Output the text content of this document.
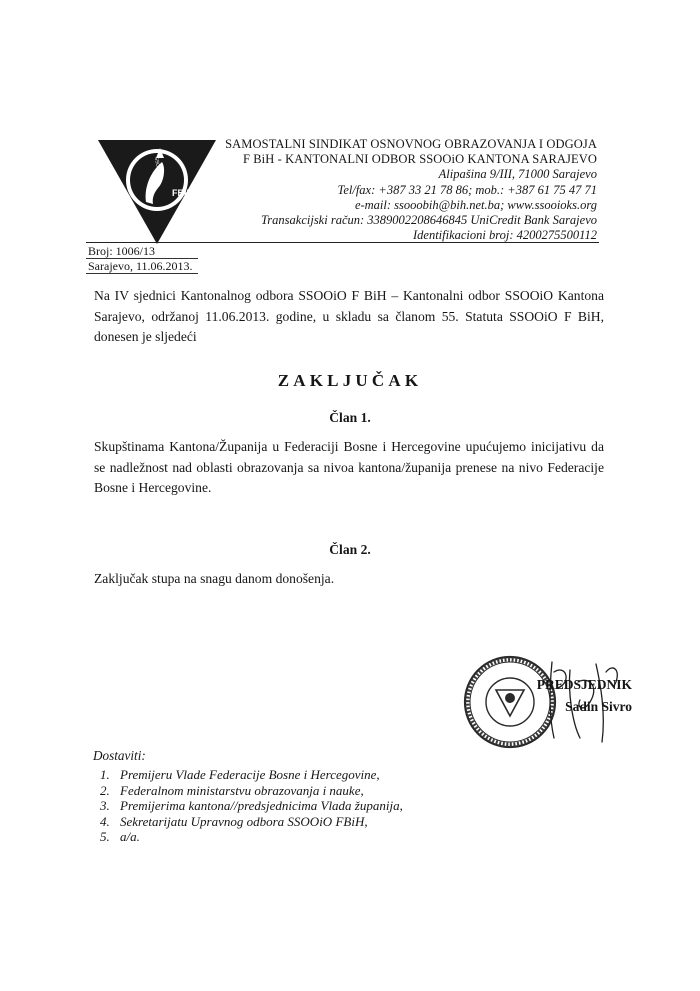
FBIH
SSOOiO
SAMOSTALNI SINDIKAT OSNOVNOG OBRAZOVANJA I ODGOJA
F BiH - KANTONALNI ODBOR SSOOiO KANTONA SARAJEVO
Alipašina 9/III, 71000 Sarajevo
Tel/fax: +387 33 21 78 86; mob.: +387 61 75 47 71
e-mail: ssooobih@bih.net.ba; www.ssooioks.org
Transakcijski račun: 3389002208646845 UniCredit Bank Sarajevo
Identifikacioni broj: 4200275500112
Broj: 1006/13
Sarajevo, 11.06.2013.
Na IV sjednici Kantonalnog odbora SSOOiO F BiH – Kantonalni odbor SSOOiO Kantona Sarajevo, održanoj 11.06.2013. godine, u skladu sa članom 55. Statuta SSOOiO F BiH, donesen je sljedeći
ZAKLJUČAK
Član 1.
Skupštinama Kantona/Županija u Federaciji Bosne i Hercegovine upućujemo inicijativu da se nadležnost nad oblasti obrazovanja sa nivoa kantona/županija prenese na nivo Federacije Bosne i Hercegovine.
Član 2.
Zaključak stupa na snagu danom donošenja.
PREDSJEDNIK
Sadin Sivro
Dostaviti:
1. Premijeru Vlade Federacije Bosne i Hercegovine,
2. Federalnom ministarstvu obrazovanja i nauke,
3. Premijerima kantona//predsjednicima Vlada županija,
4. Sekretarijatu Upravnog odbora SSOOiO FBiH,
5. a/a.
